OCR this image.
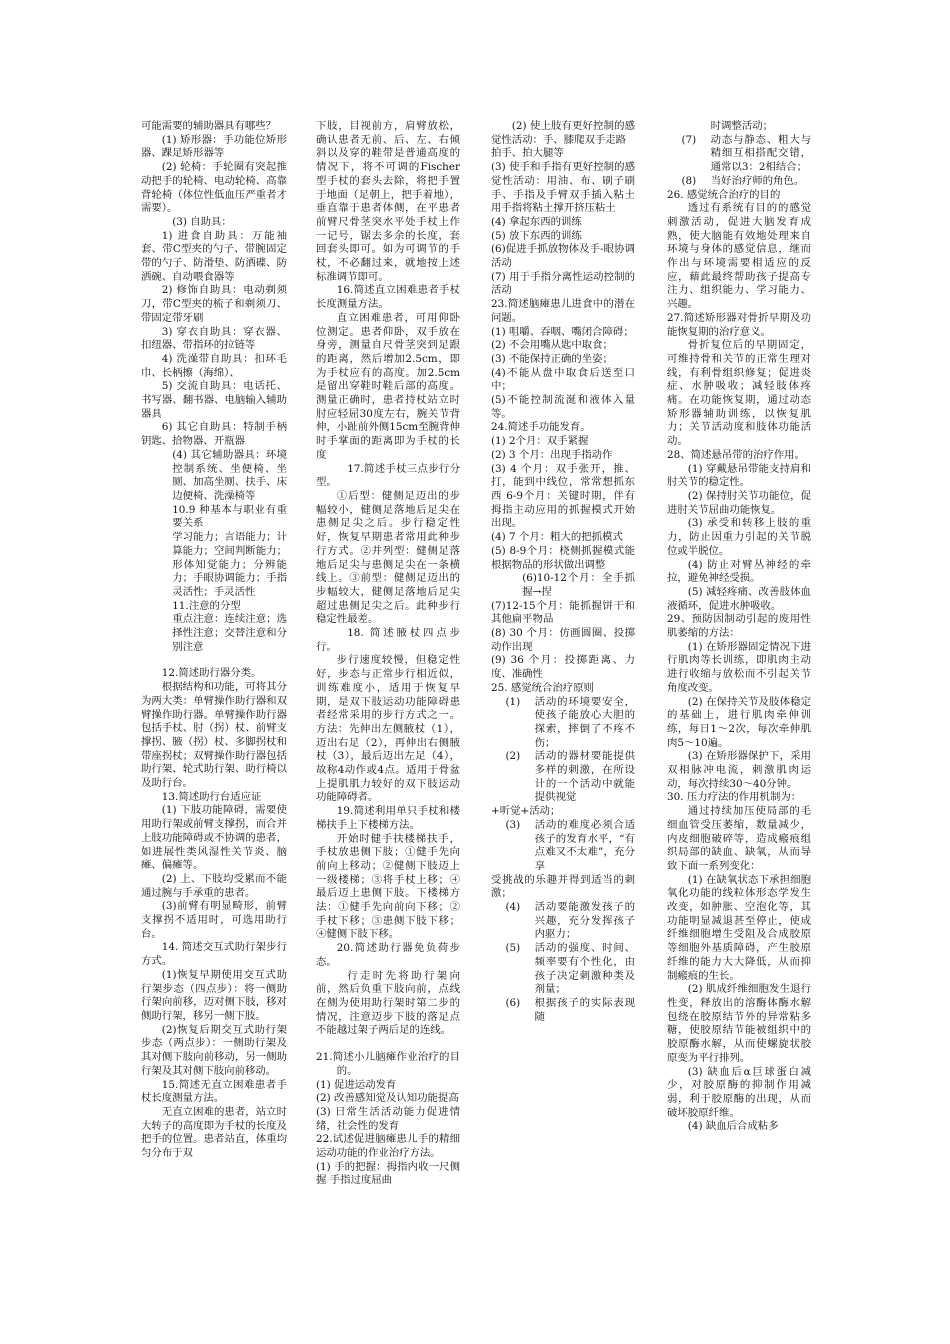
可能需要的辅助器具有哪些？

(1) 矫形器：手功能位矫形器、踝足矫形器等

(2) 轮椅：手轮圈有突起推动把手的轮椅、电动轮椅、高靠背轮椅（体位性低血压严重者才需要）。

(3) 自助具：

1) 进食自助具：万能袖套、带C型夹的勺子、带腕固定带的勺子、防滑垫、防洒碟、防洒碗、自动喂食器等

2) 修饰自助具：电动剃须刀，带C型夹的梳子和剃须刀、带固定带牙刷

3) 穿衣自助具：穿衣器、扣纽器、带指环的拉链等

4) 洗澡带自助具：扣环毛巾、长柄擦（海绵）、

5) 交流自助具：电话托、书写器、翻书器、电脑输入辅助器具

6) 其它自助具：特制手柄钥匙、拾物器、开瓶器

(4) 其它辅助器具：环境控制系统、坐便椅、坐厕、加高坐厕、扶手、床边便椅、洗澡椅等

10.9 种基本与职业有重要关系

学习能力；言语能力；计算能力；空间判断能力；形体知觉能力；分辨能力；手眼协调能力；手指灵活性；手灵活性

11.注意的分型

重点注意：连续注意；选择性注意；交替注意和分别注意

12.简述助行器分类。

根据结构和功能，可将其分为两大类：单臂操作助行器和双臂操作助行器。单臂操作助行器包括手杖、肘（拐）杖、前臂支撑拐、腋（拐）杖、多脚拐杖和带座拐杖；双臂操作助行器包括助行架、轮式助行架、助行椅以及助行台。

13.简述助行台适应证

(1) 下肢功能障碍，需要使用助行架或前臂支撑拐，而合并上肢功能障碍或不协调的患者，如进展性类风湿性关节炎、脑瘫、偏瘫等。

(2) 上、下肢均受累而不能通过腕与手承重的患者。

(3)前臂有明显畸形，前臂支撑拐不适用时，可选用助行台。

14. 简述交互式助行架步行方式。

(1)恢复早期使用交互式助行架步态（四点步）：将一侧助行架向前移，迈对侧下肢，移对侧助行架，移另一侧下肢。

(2)恢复后期交互式助行架步态（两点步）：一侧助行架及其对侧下肢向前移动，另一侧助行架及其对侧下肢向前移动。

15.简述无直立困难患者手杖长度测量方法。

无直立困难的患者，站立时大转子的高度即为手杖的长度及把手的位置。患者站直，体重均匀分布于双

下肢，目视前方，肩臂放松，确认患者无前、后、左、右倾斜以及穿的鞋带是普通高度的情况下，将不可调的Fischer 型手杖的套头去除，将把手置于地面（足朝上，把手着地），垂直靠于患者体侧，在平患者前臂尺骨茎突水平处手杖上作一记号，锯去多余的长度，套回套头即可。如为可调节的手杖，不必翻过来，就地按上述标准调节即可。

16.简述直立困难患者手杖长度测量方法。

直立困难患者，可用仰卧位测定。患者仰卧，双手放在身旁，测量自尺骨茎突到足跟的距离，然后增加2.5cm，即为手杖应有的高度。加2.5cm是留出穿鞋时鞋后部的高度。测量正确时，患者持杖站立时肘应轻屈30度左右，腕关节背伸，小趾前外侧15cm至腕背伸时手掌面的距离即为手杖的长度

17.简述手杖三点步行分型。

①后型：健侧足迈出的步幅较小，健侧足落地后足尖在患侧足尖之后。步行稳定性好，恢复早期患者常用此种步行方式。②并列型：健侧足落地后足尖与患侧足尖在一条横线上。③前型：健侧足迈出的步幅较大，健侧足落地后足尖超过患侧足尖之后。此种步行稳定性最差。

18. 简述腋杖四点步行。

步行速度较慢，但稳定性好，步态与正常步行相近似，训练难度小，适用于恢复早期，是双下肢运动功能障碍患者经常采用的步行方式之一。方法：先伸出左侧腋杖（1），迈出右足（2），再伸出右侧腋杖（3），最后迈出左足（4），故称4动作或4点。适用于骨盆上提肌肌力较好的双下肢运动功能障碍者。

19.简述利用单只手杖和楼梯扶手上下楼梯方法。

开始时健手扶楼梯扶手，手杖放患侧下肢；①健手先向前向上移动；②健侧下肢迈上一级楼梯；③将手杖上移；④最后迈上患侧下肢。下楼梯方法：①健手先向前向下移；②手杖下移；③患侧下肢下移；④健侧下肢下移。

20.简述助行器免负荷步态。

行走时先将助行架向前，然后负重下肢向前，点线在侧为使用助行架时第二步的情况，注意迈步下肢的落足点不能越过架子两后足的连线。

21.简述小儿脑瘫作业治疗的目的。

(1) 促进运动发育

(2) 改善感知觉及认知功能提高

(3) 日常生活活动能力促进情绪，社会性的发育

22.试述促进脑瘫患儿手的精细运动功能的作业治疗方法。

(1) 手的把握：拇指内收一尺侧握 手指过度屈曲

(2) 使上肢有更好控制的感觉性活动：手、膝爬双手走路

拍手、拍大腿等

(3) 使手和手指有更好控制的感觉性活动：用油、布、刷子刷手、手指及手臂双手插入粘土用手指将粘土撑开挤压粘土

(4) 拿起东西的训练

(5) 放下东西的训练

(6)促进手抓放物体及手-眼协调活动

(7) 用于手指分离性运动控制的活动

23.简述脑瘫患儿进食中的潜在问题。

(1) 咀嚼、吞咽、嘴闭合障碍；

(2) 不会用嘴从匙中取食；

(3) 不能保持正确的坐姿；

(4)不能从盘中取食后送至口中；

(5)不能控制流涎和液体入量等。

24.简述手功能发育。

(1) 2个月：双手紧握

(2) 3 个月：出现手指动作

(3) 4 个月：双手张开，推、打，能到中线位，常常想抓东西 6-9个月：关键时期，伴有拇指主动应用的抓握模式开始出现。

(4) 7 个月：粗大的把抓模式

(5) 8-9个月：桡侧抓握模式能根据物品的形状做出调整

(6)10-12个月：全手抓握→捏

(7)12-15个月：能抓握饼干和其他扁平物品

(8) 30 个月：仿画圆圈、投掷动作出现

(9) 36 个月：投掷距离、力度、准确性

25. 感觉统合治疗原则

(1)	活动的环境要安全，使孩子能放心大胆的探索，摔倒了不疼不伤；
(2)	活动的器材要能提供多样的刺激，在所设计的一个活动中就能提供视觉

+听觉+活动；

(3)	活动的难度必须合适孩子的发育水平，“有点难又不太难”，充分享

受挑战的乐趣并得到适当的刺激；

(4)	活动要能激发孩子的兴趣，充分发挥孩子内驱力；
(5)	活动的强度、时间、频率要有个性化，由孩子决定刺激种类及剂量；
(6)	根据孩子的实际表现随

时调整活动；

(7)	动态与静态、粗大与精细互相搭配交错，通常以3：2相结合；
(8)	当好治疗师的角色。

26. 感觉统合治疗的目的

透过有系统有目的的感觉刺激活动，促进大脑发育成熟，使大脑能有效地处理来自环境与身体的感觉信息，继而作出与环境需要相适应的反应，藉此最终帮助孩子提高专注力、组织能力、学习能力、兴趣。

27.简述矫形器对骨折早期及功能恢复期的治疗意义。

骨折复位后的早期固定，可维持骨和关节的正常生理对线，有利骨组织修复；促进炎症、水肿吸收；减轻肢体疼痛。在功能恢复期，通过动态矫形器辅助训练，以恢复肌力；关节活动度和肢体功能活动。

28、简述悬吊带的治疗作用。

(1) 穿戴悬吊带能支持肩和肘关节的稳定性。

(2) 保持肘关节功能位，促进肘关节屈曲功能恢复。

(3) 承受和转移上肢的重力，防止因重力引起的关节脱位或半脱位。

(4) 防止对臂丛神经的牵拉，避免神经受损。

(5) 减轻疼痛、改善肢体血液循环，促进水肿吸收。

29、预防因制动引起的废用性肌萎缩的方法：

(1) 在矫形器固定情况下进行肌肉等长训练，即肌肉主动进行收缩与放松而不引起关节角度改变。

(2) 在保持关节及肢体稳定的基础上，进行肌肉牵伸训练，每日1～2次，每次牵伸肌肉5～10遍。

(3) 在矫形器保护下，采用双相脉冲电流，刺激肌肉运动，每次持续30～40分钟。

30. 压力疗法的作用机制为：

通过持续加压使局部的毛细血管受压萎缩，数量减少，内皮细胞破碎等，造成瘢痕组织局部的缺血、缺氧，从而导致下面一系列变化：

(1) 在缺氧状态下承担细胞氧化功能的线粒体形态学发生改变，如肿胀、空泡化等，其功能明显减退甚至停止，使成纤维细胞增生受阻及合成胶原等细胞外基质障碍，产生胶原纤维的能力大大降低，从而抑制瘢痕的生长。

(2) 肌成纤维细胞发生退行性变，释放出的溶酶体酶水解包绕在胶原结节外的异常粘多糖，使胶原结节能被组织中的胶原酶水解，从而使螺旋状胶原变为平行排列。

(3) 缺血后α巨球蛋白减少，对胶原酶的抑制作用减弱，利于胶原酶的出现，从而破坏胶原纤维。

(4) 缺血后合成粘多
